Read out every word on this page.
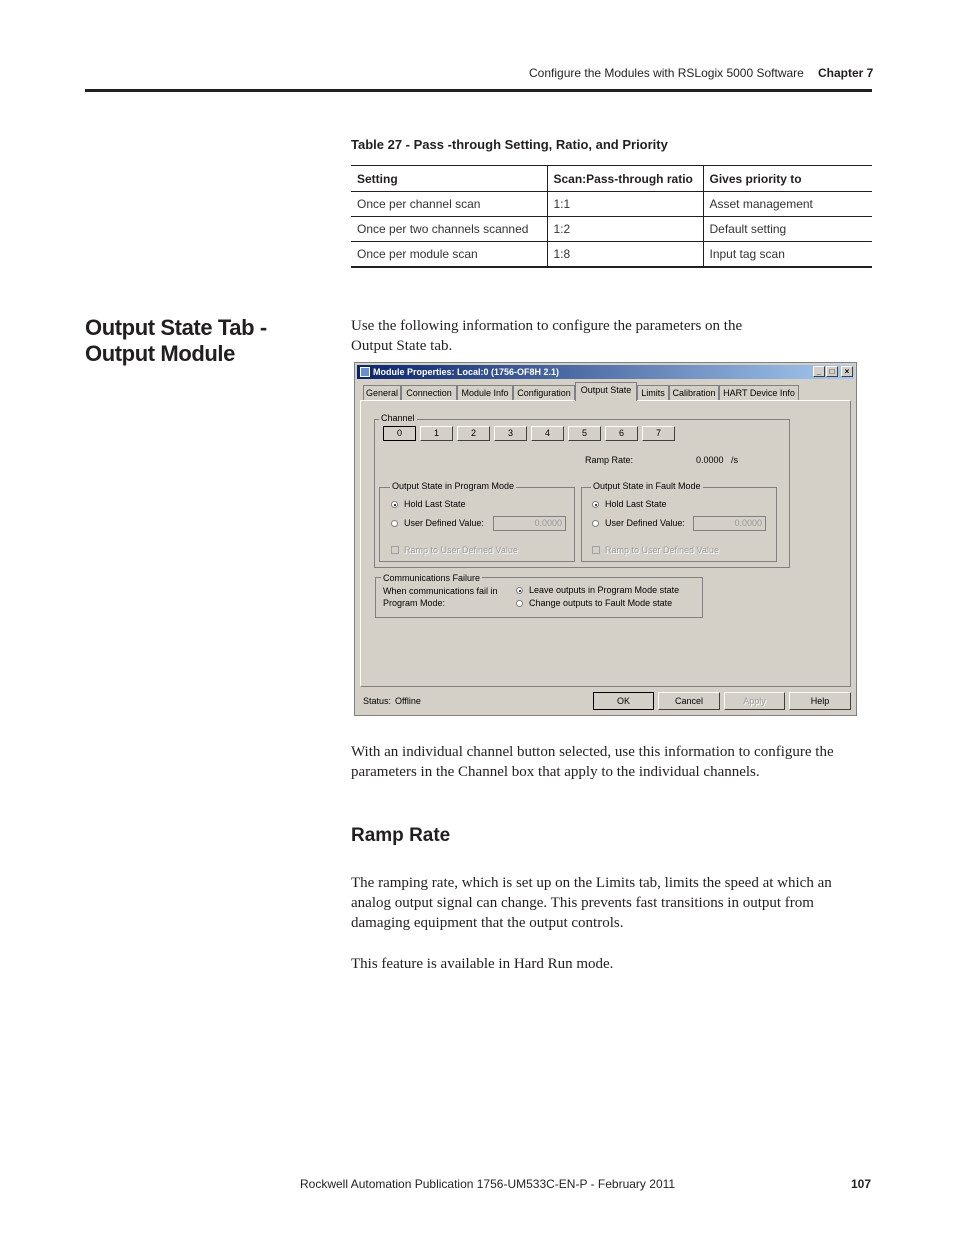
Configure the Modules with RSLogix 5000 Software Chapter 7
Table 27 - Pass -through Setting, Ratio, and Priority
Setting	Scan:Pass-through ratio	Gives priority to
Once per channel scan	1:1	Asset management
Once per two channels scanned	1:2	Default setting
Once per module scan	1:8	Input tag scan
Output State Tab -
Output Module
Use the following information to configure the parameters on the
Output State tab.
Module Properties: Local:0 (1756-OF8H 2.1)	_	□	×
General Connection	Module Info Configuration	Output State	Limits Calibration HART Device Info
Channel
0	1	2	3	4	5	6	7
Ramp Rate:	0.0000 /s
Output State in Program Mode
Hold Last State
User Defined Value:	0.0000
Ramp to User Defined Value
Output State in Fault Mode
Hold Last State
User Defined Value:	0.0000
Ramp to User Defined Value
Communications Failure
When communications fail in
Program Mode:
Leave outputs in Program Mode state
Change outputs to Fault Mode state
Status: Offline	OK	Cancel	Apply	Help
With an individual channel button selected, use this information to configure the
parameters in the Channel box that apply to the individual channels.
Ramp Rate
The ramping rate, which is set up on the Limits tab, limits the speed at which an
analog output signal can change. This prevents fast transitions in output from
damaging equipment that the output controls.
This feature is available in Hard Run mode.
Rockwell Automation Publication 1756-UM533C-EN-P - February 2011	107
